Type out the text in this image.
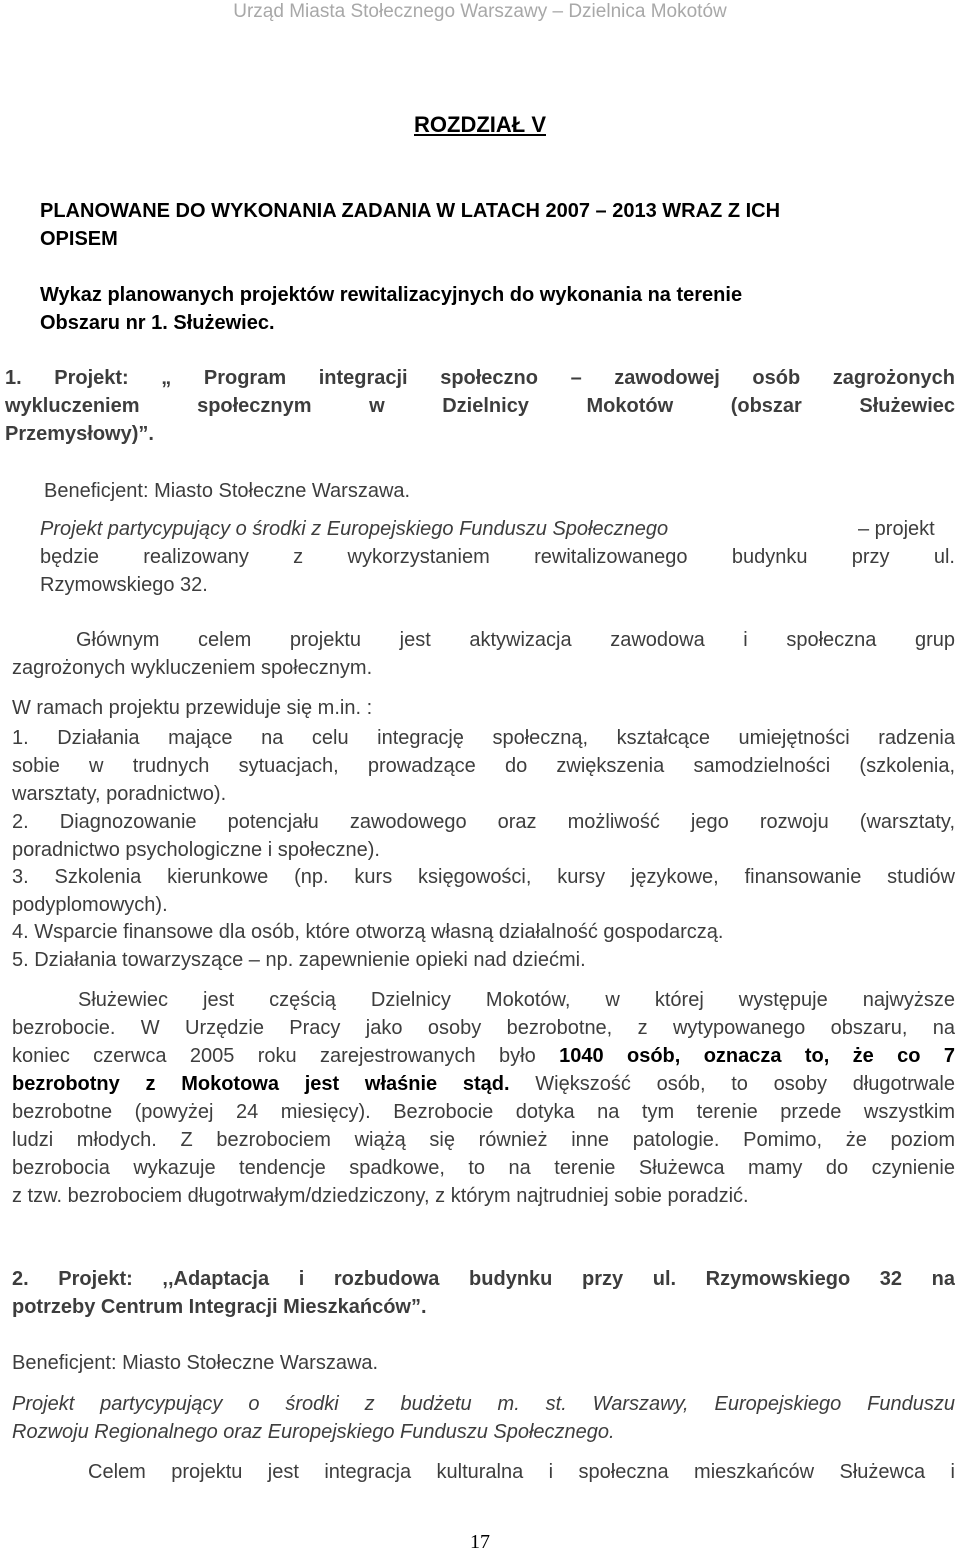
Urząd Miasta Stołecznego Warszawy – Dzielnica Mokotów
ROZDZIAŁ V
PLANOWANE DO WYKONANIA ZADANIA W LATACH 2007 – 2013 WRAZ Z ICH
OPISEM
Wykaz planowanych projektów rewitalizacyjnych do wykonania na terenie
Obszaru nr 1. Służewiec.
1. Projekt: „ Program integracji społeczno – zawodowej osób zagrożonych
wykluczeniem społecznym w Dzielnicy Mokotów (obszar Służewiec
Przemysłowy)”.
Beneficjent: Miasto Stołeczne Warszawa.
Projekt partycypujący o środki z Europejskiego Funduszu Społecznego	– projekt
będzie realizowany z wykorzystaniem rewitalizowanego budynku przy ul.
Rzymowskiego 32.
Głównym celem projektu jest aktywizacja zawodowa i społeczna grup
zagrożonych wykluczeniem społecznym.
W ramach projektu przewiduje się m.in. :
1. Działania mające na celu integrację społeczną, kształcące umiejętności radzenia
sobie w trudnych sytuacjach, prowadzące do zwiększenia samodzielności (szkolenia,
warsztaty, poradnictwo).
2. Diagnozowanie potencjału zawodowego oraz możliwość jego rozwoju (warsztaty,
poradnictwo psychologiczne i społeczne).
3. Szkolenia kierunkowe (np. kurs księgowości, kursy językowe, finansowanie studiów
podyplomowych).
4. Wsparcie finansowe dla osób, które otworzą własną działalność gospodarczą.
5. Działania towarzyszące – np. zapewnienie opieki nad dziećmi.
Służewiec jest częścią Dzielnicy Mokotów, w której występuje najwyższe
bezrobocie. W Urzędzie Pracy jako osoby bezrobotne, z wytypowanego obszaru, na
koniec czerwca 2005 roku zarejestrowanych było 1040 osób, oznacza to, że co 7
bezrobotny z Mokotowa jest właśnie stąd. Większość osób, to osoby długotrwale
bezrobotne (powyżej 24 miesięcy). Bezrobocie dotyka na tym terenie przede wszystkim
ludzi młodych. Z bezrobociem wiążą się również inne patologie. Pomimo, że poziom
bezrobocia wykazuje tendencje spadkowe, to na terenie Służewca mamy do czynienie
z tzw. bezrobociem długotrwałym/dziedziczony, z którym najtrudniej sobie poradzić.
2. Projekt: ,,Adaptacja i rozbudowa budynku przy ul. Rzymowskiego 32 na
potrzeby Centrum Integracji Mieszkańców”.
Beneficjent: Miasto Stołeczne Warszawa.
Projekt partycypujący o środki z budżetu m. st. Warszawy, Europejskiego Funduszu
Rozwoju Regionalnego oraz Europejskiego Funduszu Społecznego.
Celem projektu jest integracja kulturalna i społeczna mieszkańców Służewca i
17
